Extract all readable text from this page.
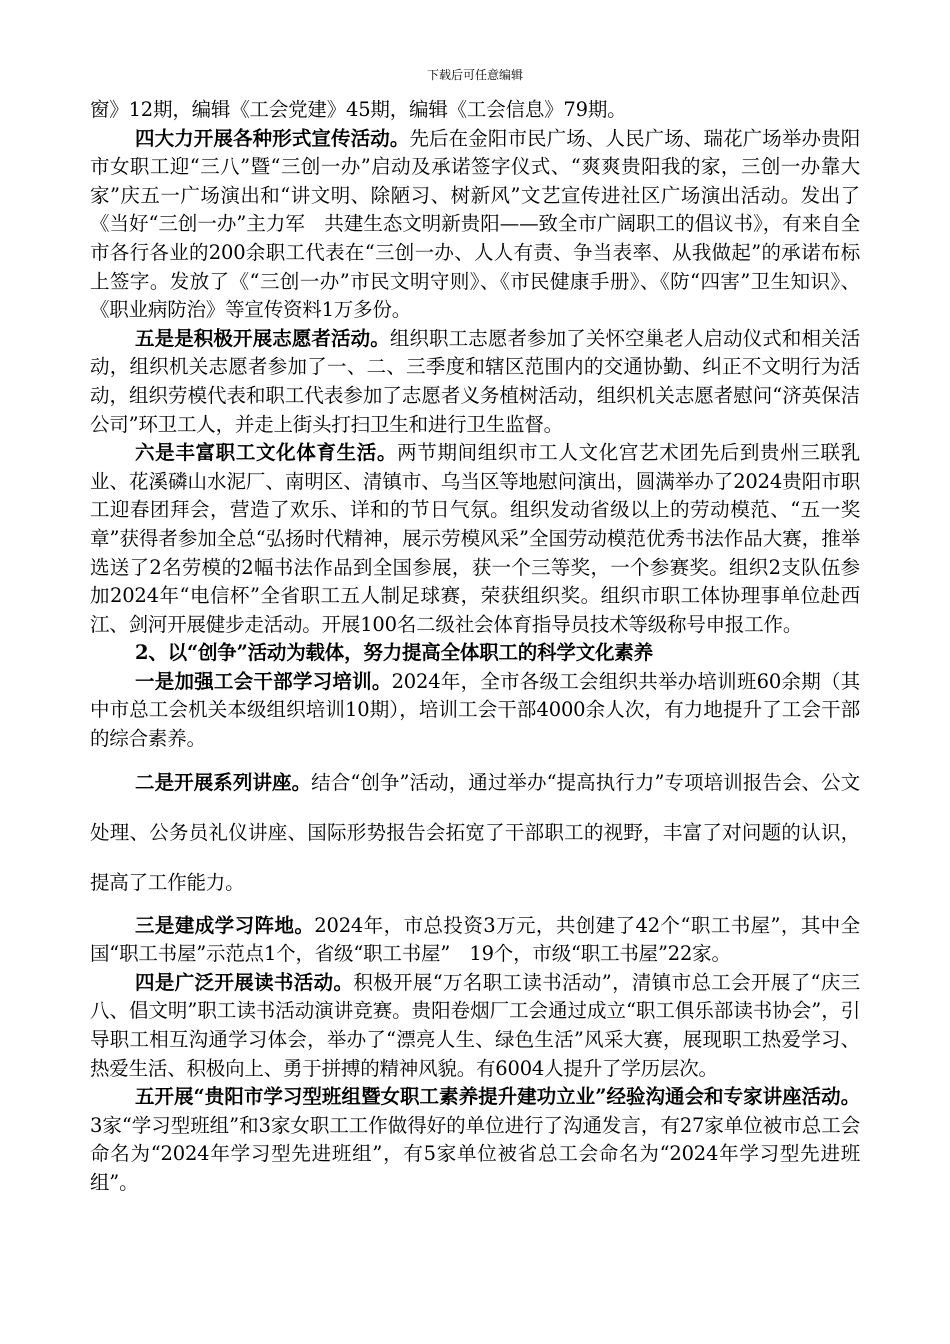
下载后可任意编辑

窗》12期，编辑《工会党建》45期，编辑《工会信息》79期。

四大力开展各种形式宣传活动。先后在金阳市民广场、人民广场、瑞花广场举办贵阳市女职工迎“三八”暨“三创一办”启动及承诺签字仪式、“爽爽贵阳我的家，三创一办靠大家”庆五一广场演出和“讲文明、除陋习、树新风”文艺宣传进社区广场演出活动。发出了《当好“三创一办”主力军　共建生态文明新贵阳——致全市广阔职工的倡议书》，有来自全市各行各业的200余职工代表在“三创一办、人人有责、争当表率、从我做起”的承诺布标上签字。发放了《“三创一办”市民文明守则》、《市民健康手册》、《防“四害”卫生知识》、《职业病防治》等宣传资料1万多份。

五是是积极开展志愿者活动。组织职工志愿者参加了关怀空巢老人启动仪式和相关活动，组织机关志愿者参加了一、二、三季度和辖区范围内的交通协勤、纠正不文明行为活动，组织劳模代表和职工代表参加了志愿者义务植树活动，组织机关志愿者慰问“济英保洁公司”环卫工人，并走上街头打扫卫生和进行卫生监督。

六是丰富职工文化体育生活。两节期间组织市工人文化宫艺术团先后到贵州三联乳业、花溪磷山水泥厂、南明区、清镇市、乌当区等地慰问演出，圆满举办了2024贵阳市职工迎春团拜会，营造了欢乐、详和的节日气氛。组织发动省级以上的劳动模范、“五一奖章”获得者参加全总“弘扬时代精神，展示劳模风采”全国劳动模范优秀书法作品大赛，推举选送了2名劳模的2幅书法作品到全国参展，获一个三等奖，一个参赛奖。组织2支队伍参加2024年“电信杯”全省职工五人制足球赛，荣获组织奖。组织市职工体协理事单位赴西江、剑河开展健步走活动。开展100名二级社会体育指导员技术等级称号申报工作。

2、以“创争”活动为载体，努力提高全体职工的科学文化素养

一是加强工会干部学习培训。2024年，全市各级工会组织共举办培训班60余期（其中市总工会机关本级组织培训10期），培训工会干部4000余人次，有力地提升了工会干部的综合素养。

二是开展系列讲座。结合“创争”活动，通过举办“提高执行力”专项培训报告会、公文处理、公务员礼仪讲座、国际形势报告会拓宽了干部职工的视野，丰富了对问题的认识，提高了工作能力。

三是建成学习阵地。2024年，市总投资3万元，共创建了42个“职工书屋”，其中全国“职工书屋”示范点1个，省级“职工书屋”　19个，市级“职工书屋”22家。

四是广泛开展读书活动。积极开展“万名职工读书活动”，清镇市总工会开展了“庆三八、倡文明”职工读书活动演讲竞赛。贵阳卷烟厂工会通过成立“职工俱乐部读书协会”，引导职工相互沟通学习体会，举办了“漂亮人生、绿色生活”风采大赛，展现职工热爱学习、热爱生活、积极向上、勇于拼搏的精神风貌。有6004人提升了学历层次。

五开展“贵阳市学习型班组暨女职工素养提升建功立业”经验沟通会和专家讲座活动。3家“学习型班组”和3家女职工工作做得好的单位进行了沟通发言，有27家单位被市总工会命名为“2024年学习型先进班组”，有5家单位被省总工会命名为“2024年学习型先进班组”。
